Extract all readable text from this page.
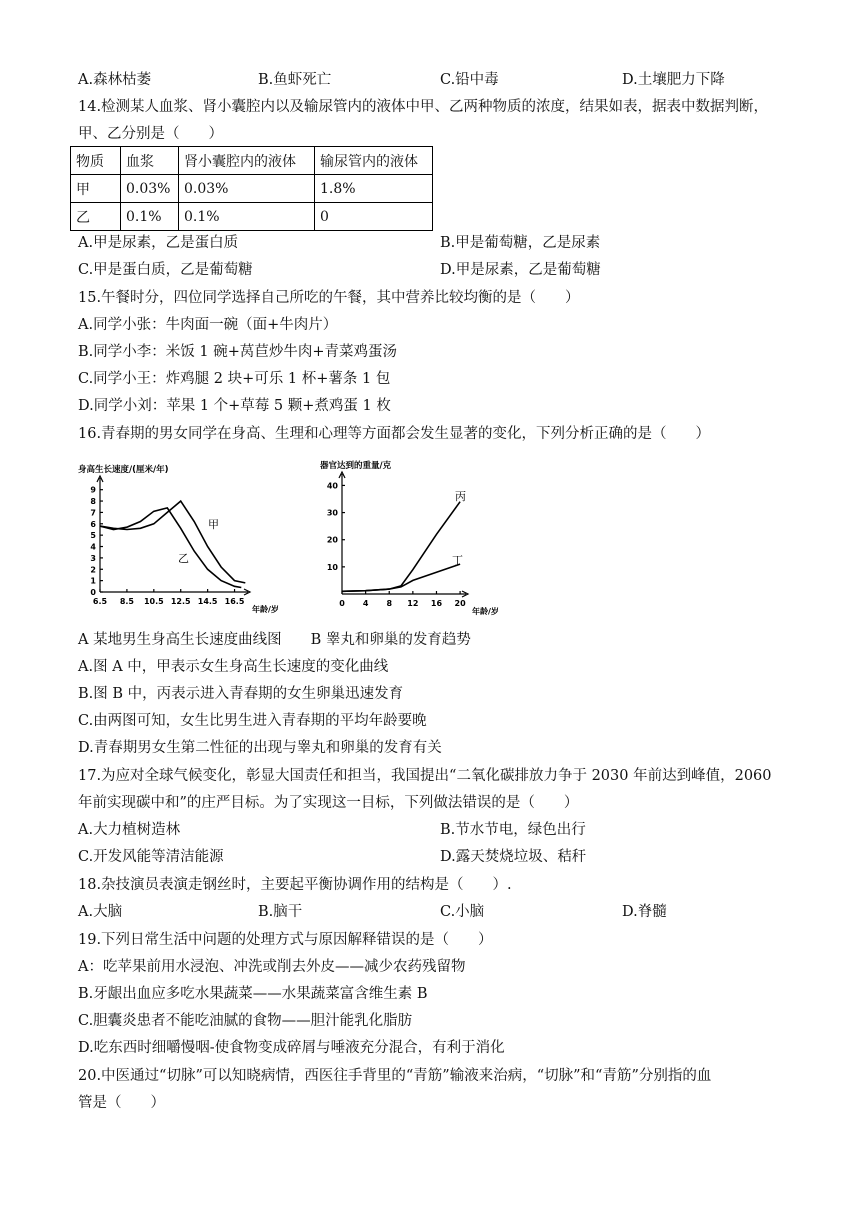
A.森林枯萎	B.鱼虾死亡	C.铅中毒	D.土壤肥力下降
14.检测某人血浆、肾小囊腔内以及输尿管内的液体中甲、乙两种物质的浓度，结果如表，据表中数据判断，
甲、乙分别是（　　）
物质	血浆	肾小囊腔内的液体	输尿管内的液体
甲	0.03%	0.03%	1.8%
乙	0.1%	0.1%	0
A.甲是尿素，乙是蛋白质	B.甲是葡萄糖，乙是尿素
C.甲是蛋白质，乙是葡萄糖	D.甲是尿素，乙是葡萄糖
15.午餐时分，四位同学选择自己所吃的午餐，其中营养比较均衡的是（　　）
A.同学小张：牛肉面一碗（面+牛肉片）
B.同学小李：米饭 1 碗+莴苣炒牛肉+青菜鸡蛋汤
C.同学小王：炸鸡腿 2 块+可乐 1 杯+薯条 1 包
D.同学小刘：苹果 1 个+草莓 5 颗+煮鸡蛋 1 枚
16.青春期的男女同学在身高、生理和心理等方面都会发生显著的变化，下列分析正确的是（　　）
身高生长速度/(厘米/年)
6.5 8.5 10.5 12.5 14.5 16.5
0
1
2
3
4
5
6
7
8
9
年龄/岁
甲
乙
器官达到的重量/克
0 4 8 12 16 20
10
20
30
40
年龄/岁
丙
丁
A 某地男生身高生长速度曲线图　　B 睾丸和卵巢的发育趋势
A.图 A 中，甲表示女生身高生长速度的变化曲线
B.图 B 中，丙表示进入青春期的女生卵巢迅速发育
C.由两图可知，女生比男生进入青春期的平均年龄要晚
D.青春期男女生第二性征的出现与睾丸和卵巢的发育有关
17.为应对全球气候变化，彰显大国责任和担当，我国提出“二氧化碳排放力争于 2030 年前达到峰值，2060
年前实现碳中和”的庄严目标。为了实现这一目标，下列做法错误的是（　　）
A.大力植树造林	B.节水节电，绿色出行
C.开发风能等清洁能源	D.露天焚烧垃圾、秸秆
18.杂技演员表演走钢丝时，主要起平衡协调作用的结构是（　　）.
A.大脑	B.脑干	C.小脑	D.脊髓
19.下列日常生活中问题的处理方式与原因解释错误的是（　　）
A：吃苹果前用水浸泡、冲洗或削去外皮——减少农药残留物
B.牙龈出血应多吃水果蔬菜——水果蔬菜富含维生素 B
C.胆囊炎患者不能吃油腻的食物——胆汁能乳化脂肪
D.吃东西时细嚼慢咽-使食物变成碎屑与唾液充分混合，有利于消化
20.中医通过“切脉”可以知晓病情，西医往手背里的“青筋”输液来治病，“切脉”和“青筋”分别指的血
管是（　　）
